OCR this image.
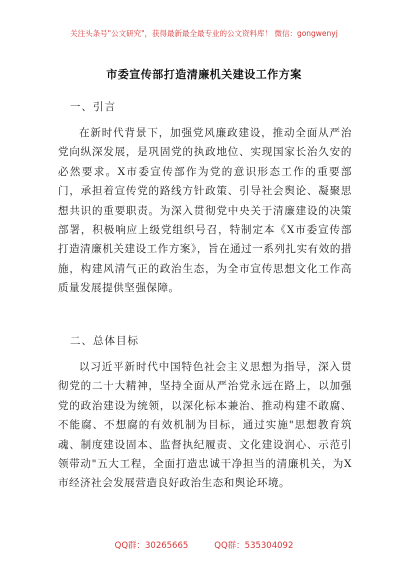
关注头条号"公文研究"，获得最新最全最专业的公文资料库！ 微信：gongwenyj
市委宣传部打造清廉机关建设工作方案
一、引言

在新时代背景下，加强党风廉政建设，推动全面从严治党向纵深发展，是巩固党的执政地位、实现国家长治久安的必然要求。X市委宣传部作为党的意识形态工作的重要部门，承担着宣传党的路线方针政策、引导社会舆论、凝聚思想共识的重要职责。为深入贯彻党中央关于清廉建设的决策部署，积极响应上级党组织号召，特制定本《X市委宣传部打造清廉机关建设工作方案》，旨在通过一系列扎实有效的措施，构建风清气正的政治生态，为全市宣传思想文化工作高质量发展提供坚强保障。

二、总体目标

以习近平新时代中国特色社会主义思想为指导，深入贯彻党的二十大精神，坚持全面从严治党永远在路上，以加强党的政治建设为统领，以深化标本兼治、推动构建不敢腐、不能腐、不想腐的有效机制为目标，通过实施"思想教育筑魂、制度建设固本、监督执纪履责、文化建设润心、示范引领带动"五大工程，全面打造忠诚干净担当的清廉机关，为X市经济社会发展营造良好政治生态和舆论环境。

QQ群：30265665	QQ群：535304092
